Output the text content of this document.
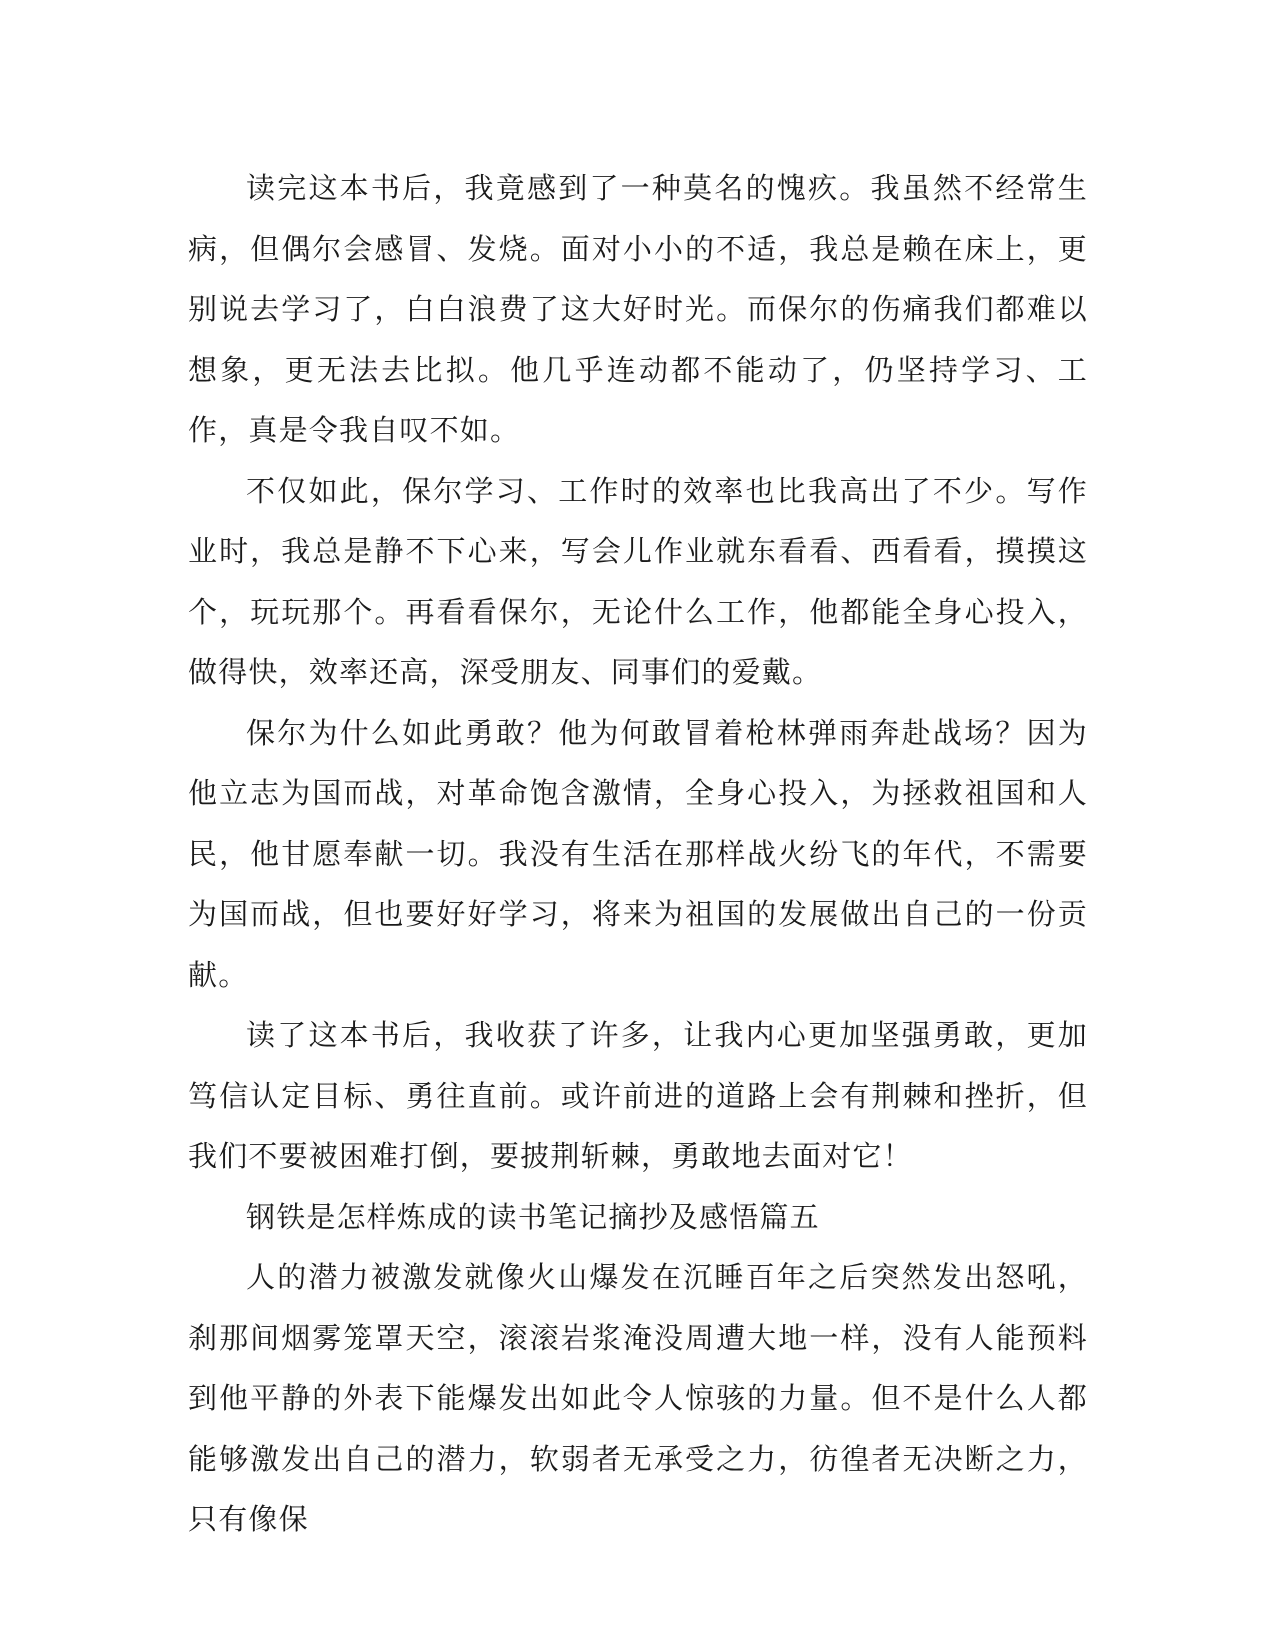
读完这本书后，我竟感到了一种莫名的愧疚。我虽然不经常生病，但偶尔会感冒、发烧。面对小小的不适，我总是赖在床上，更别说去学习了，白白浪费了这大好时光。而保尔的伤痛我们都难以想象，更无法去比拟。他几乎连动都不能动了，仍坚持学习、工作，真是令我自叹不如。

不仅如此，保尔学习、工作时的效率也比我高出了不少。写作业时，我总是静不下心来，写会儿作业就东看看、西看看，摸摸这个，玩玩那个。再看看保尔，无论什么工作，他都能全身心投入，做得快，效率还高，深受朋友、同事们的爱戴。

保尔为什么如此勇敢？他为何敢冒着枪林弹雨奔赴战场？因为他立志为国而战，对革命饱含激情，全身心投入，为拯救祖国和人民，他甘愿奉献一切。我没有生活在那样战火纷飞的年代，不需要为国而战，但也要好好学习，将来为祖国的发展做出自己的一份贡献。

读了这本书后，我收获了许多，让我内心更加坚强勇敢，更加笃信认定目标、勇往直前。或许前进的道路上会有荆棘和挫折，但我们不要被困难打倒，要披荆斩棘，勇敢地去面对它！

钢铁是怎样炼成的读书笔记摘抄及感悟篇五

人的潜力被激发就像火山爆发在沉睡百年之后突然发出怒吼，刹那间烟雾笼罩天空，滚滚岩浆淹没周遭大地一样，没有人能预料到他平静的外表下能爆发出如此令人惊骇的力量。但不是什么人都能够激发出自己的潜力，软弱者无承受之力，彷徨者无决断之力，只有像保
